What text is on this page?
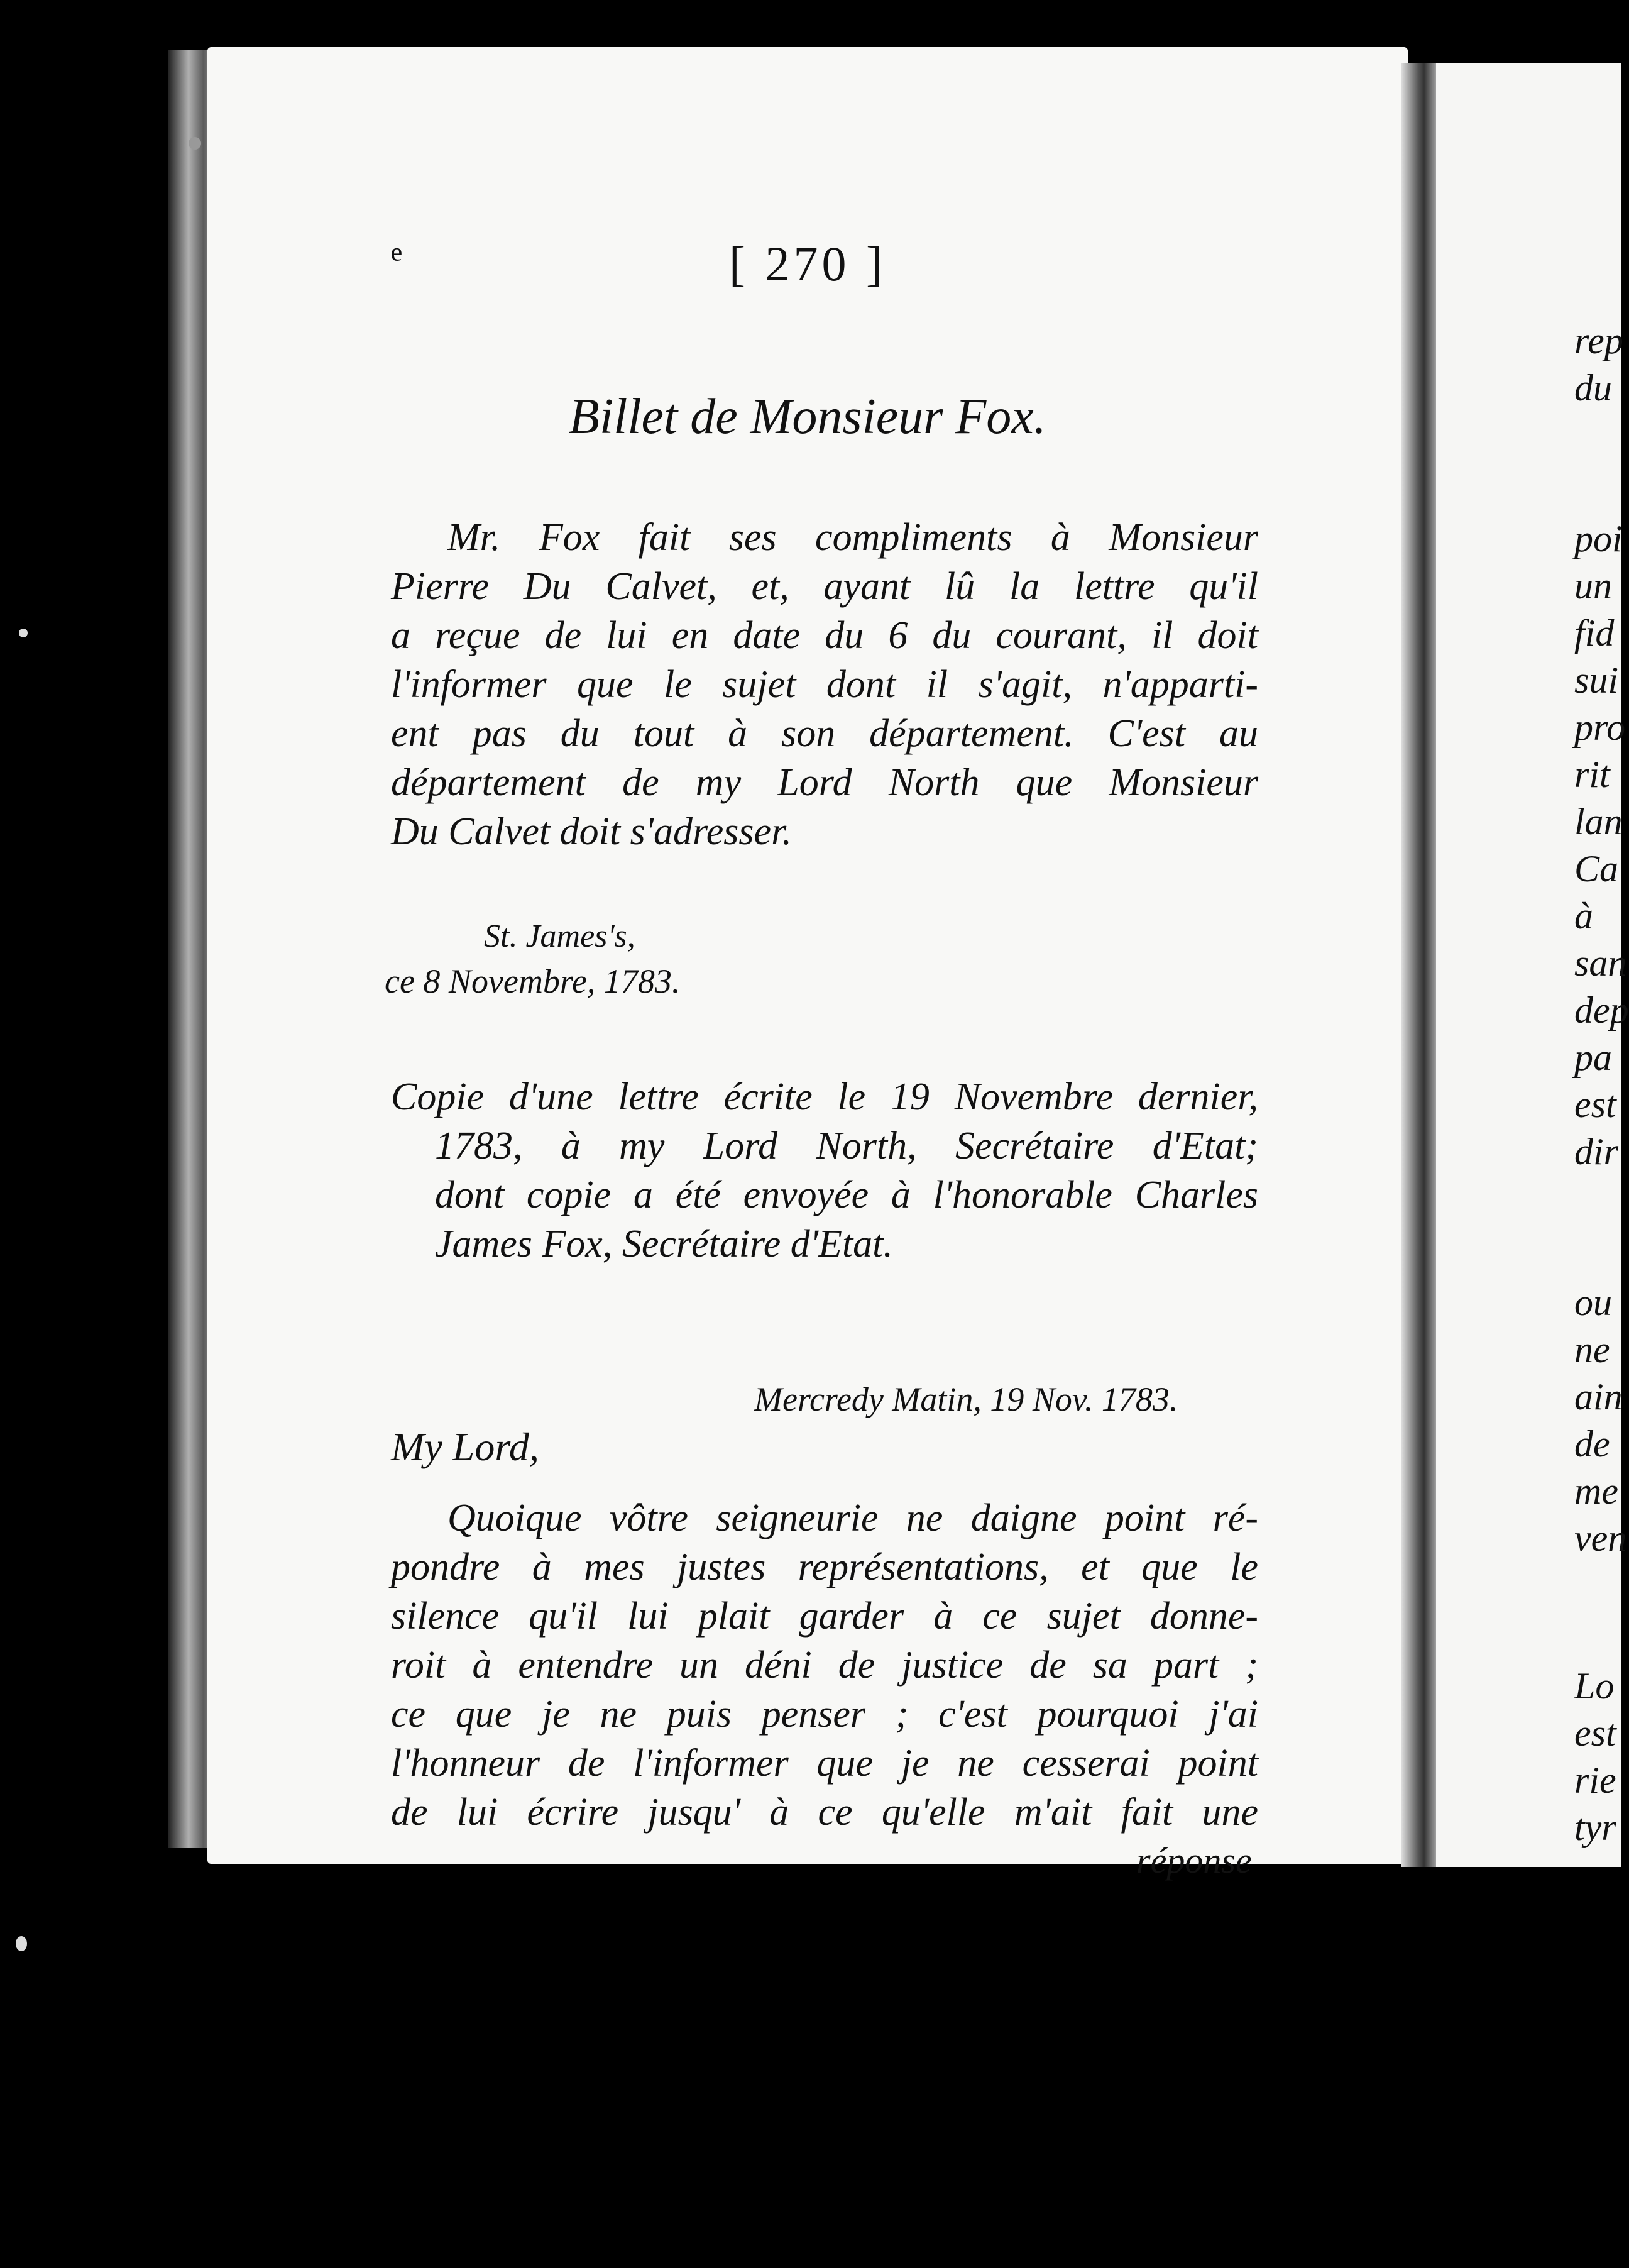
ᵉ	[ 270 ]
Billet de Monsieur Fox.
Mr. Fox fait ses compliments à Monsieur
Pierre Du Calvet, et, ayant lû la lettre qu'il
a reçue de lui en date du 6 du courant, il doit
l'informer que le sujet dont il s'agit, n'apparti-
ent pas du tout à son département. C'est au
département de my Lord North que Monsieur
Du Calvet doit s'adresser.
St. James's,
ce 8 Novembre, 1783.
Copie d'une lettre écrite le 19 Novembre dernier,
1783, à my Lord North, Secrétaire d'Etat;
dont copie a été envoyée à l'honorable Charles
James Fox, Secrétaire d'Etat.
Mercredy Matin, 19 Nov. 1783.
My Lord,
Quoique vôtre seigneurie ne daigne point ré-
pondre à mes justes représentations, et que le
silence qu'il lui plait garder à ce sujet donne-
roit à entendre un déni de justice de sa part ;
ce que je ne puis penser ; c'est pourquoi j'ai
l'honneur de l'informer que je ne cesserai point
de lui écrire jusqu' à ce qu'elle m'ait fait une
réponse
rep
du
poi
un
fid
sui
pro
rit
lan
Ca
à
san
dep
pa
est
dir
ou
ne
ain
de
me
ven
Lo
est
rie
tyr
